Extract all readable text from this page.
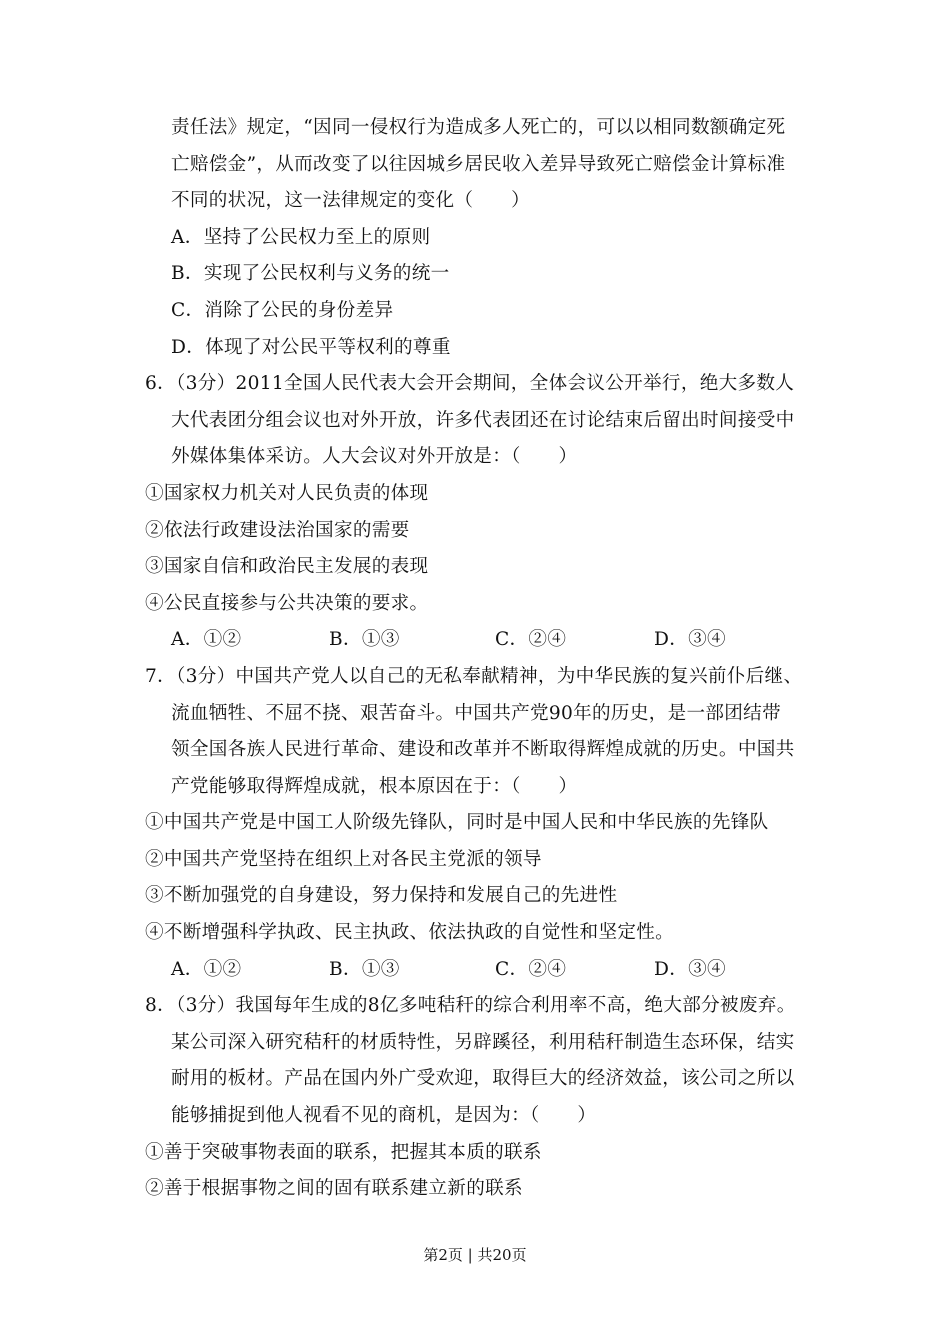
责任法》规定，“因同一侵权行为造成多人死亡的，可以以相同数额确定死
亡赔偿金”，从而改变了以往因城乡居民收入差异导致死亡赔偿金计算标准
不同的状况，这一法律规定的变化（　　）
A．坚持了公民权力至上的原则
B．实现了公民权利与义务的统一
C．消除了公民的身份差异
D．体现了对公民平等权利的尊重
6．（3分）2011全国人民代表大会开会期间，全体会议公开举行，绝大多数人
大代表团分组会议也对外开放，许多代表团还在讨论结束后留出时间接受中
外媒体集体采访。人大会议对外开放是：（　　）
①国家权力机关对人民负责的体现
②依法行政建设法治国家的需要
③国家自信和政治民主发展的表现
④公民直接参与公共决策的要求。
A．①②	B．①③	C．②④	D．③④
7．（3分）中国共产党人以自己的无私奉献精神，为中华民族的复兴前仆后继、
流血牺牲、不屈不挠、艰苦奋斗。中国共产党90年的历史，是一部团结带
领全国各族人民进行革命、建设和改革并不断取得辉煌成就的历史。中国共
产党能够取得辉煌成就，根本原因在于：（　　）
①中国共产党是中国工人阶级先锋队，同时是中国人民和中华民族的先锋队
②中国共产党坚持在组织上对各民主党派的领导
③不断加强党的自身建设，努力保持和发展自己的先进性
④不断增强科学执政、民主执政、依法执政的自觉性和坚定性。
A．①②	B．①③	C．②④	D．③④
8．（3分）我国每年生成的8亿多吨秸秆的综合利用率不高，绝大部分被废弃。
某公司深入研究秸秆的材质特性，另辟蹊径，利用秸秆制造生态环保，结实
耐用的板材。产品在国内外广受欢迎，取得巨大的经济效益，该公司之所以
能够捕捉到他人视看不见的商机，是因为：（　　）
①善于突破事物表面的联系，把握其本质的联系
②善于根据事物之间的固有联系建立新的联系
第2页 | 共20页
